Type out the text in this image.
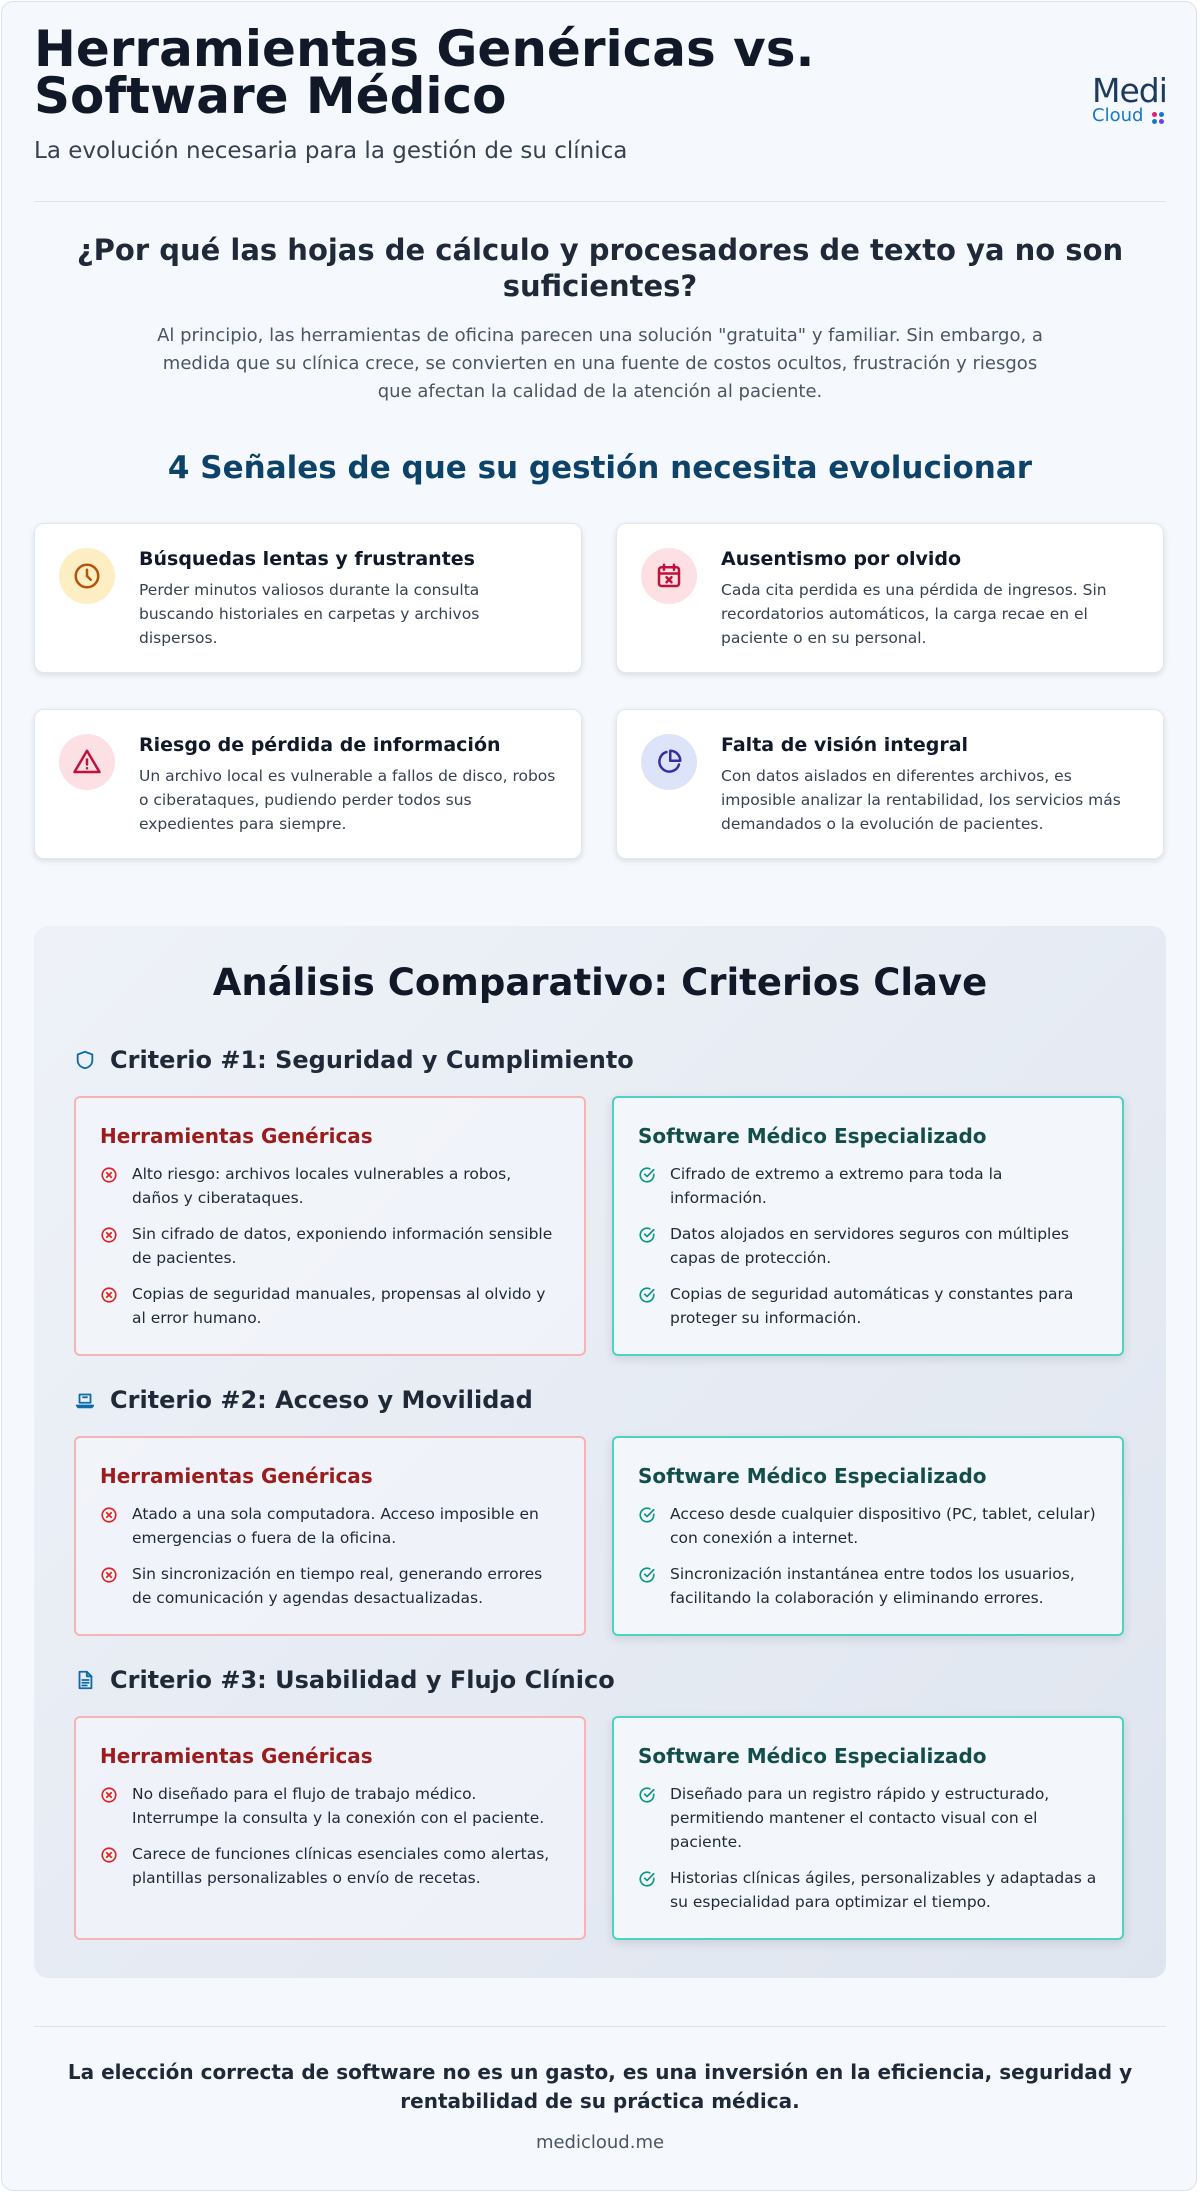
Herramientas Genéricas vs. Software Médico
La evolución necesaria para la gestión de su clínica
Medi
Cloud
¿Por qué las hojas de cálculo y procesadores de texto ya no son suficientes?

Al principio, las herramientas de oficina parecen una solución "gratuita" y familiar. Sin embargo, a medida que su clínica crece, se convierten en una fuente de costos ocultos, frustración y riesgos que afectan la calidad de la atención al paciente.

4 Señales de que su gestión necesita evolucionar
Búsquedas lentas y frustrantes
Perder minutos valiosos durante la consulta buscando historiales en carpetas y archivos dispersos.
Ausentismo por olvido
Cada cita perdida es una pérdida de ingresos. Sin recordatorios automáticos, la carga recae en el paciente o en su personal.
Riesgo de pérdida de información
Un archivo local es vulnerable a fallos de disco, robos o ciberataques, pudiendo perder todos sus expedientes para siempre.
Falta de visión integral
Con datos aislados en diferentes archivos, es imposible analizar la rentabilidad, los servicios más demandados o la evolución de pacientes.
Análisis Comparativo: Criterios Clave
Criterio #1: Seguridad y Cumplimiento
Herramientas Genéricas
Alto riesgo: archivos locales vulnerables a robos, daños y ciberataques.
Sin cifrado de datos, exponiendo información sensible de pacientes.
Copias de seguridad manuales, propensas al olvido y al error humano.
Software Médico Especializado
Cifrado de extremo a extremo para toda la información.
Datos alojados en servidores seguros con múltiples capas de protección.
Copias de seguridad automáticas y constantes para proteger su información.
Criterio #2: Acceso y Movilidad
Herramientas Genéricas
Atado a una sola computadora. Acceso imposible en emergencias o fuera de la oficina.
Sin sincronización en tiempo real, generando errores de comunicación y agendas desactualizadas.
Software Médico Especializado
Acceso desde cualquier dispositivo (PC, tablet, celular) con conexión a internet.
Sincronización instantánea entre todos los usuarios, facilitando la colaboración y eliminando errores.
Criterio #3: Usabilidad y Flujo Clínico
Herramientas Genéricas
No diseñado para el flujo de trabajo médico. Interrumpe la consulta y la conexión con el paciente.
Carece de funciones clínicas esenciales como alertas, plantillas personalizables o envío de recetas.
Software Médico Especializado
Diseñado para un registro rápido y estructurado, permitiendo mantener el contacto visual con el paciente.
Historias clínicas ágiles, personalizables y adaptadas a su especialidad para optimizar el tiempo.

La elección correcta de software no es un gasto, es una inversión en la eficiencia, seguridad y rentabilidad de su práctica médica.

medicloud.me
